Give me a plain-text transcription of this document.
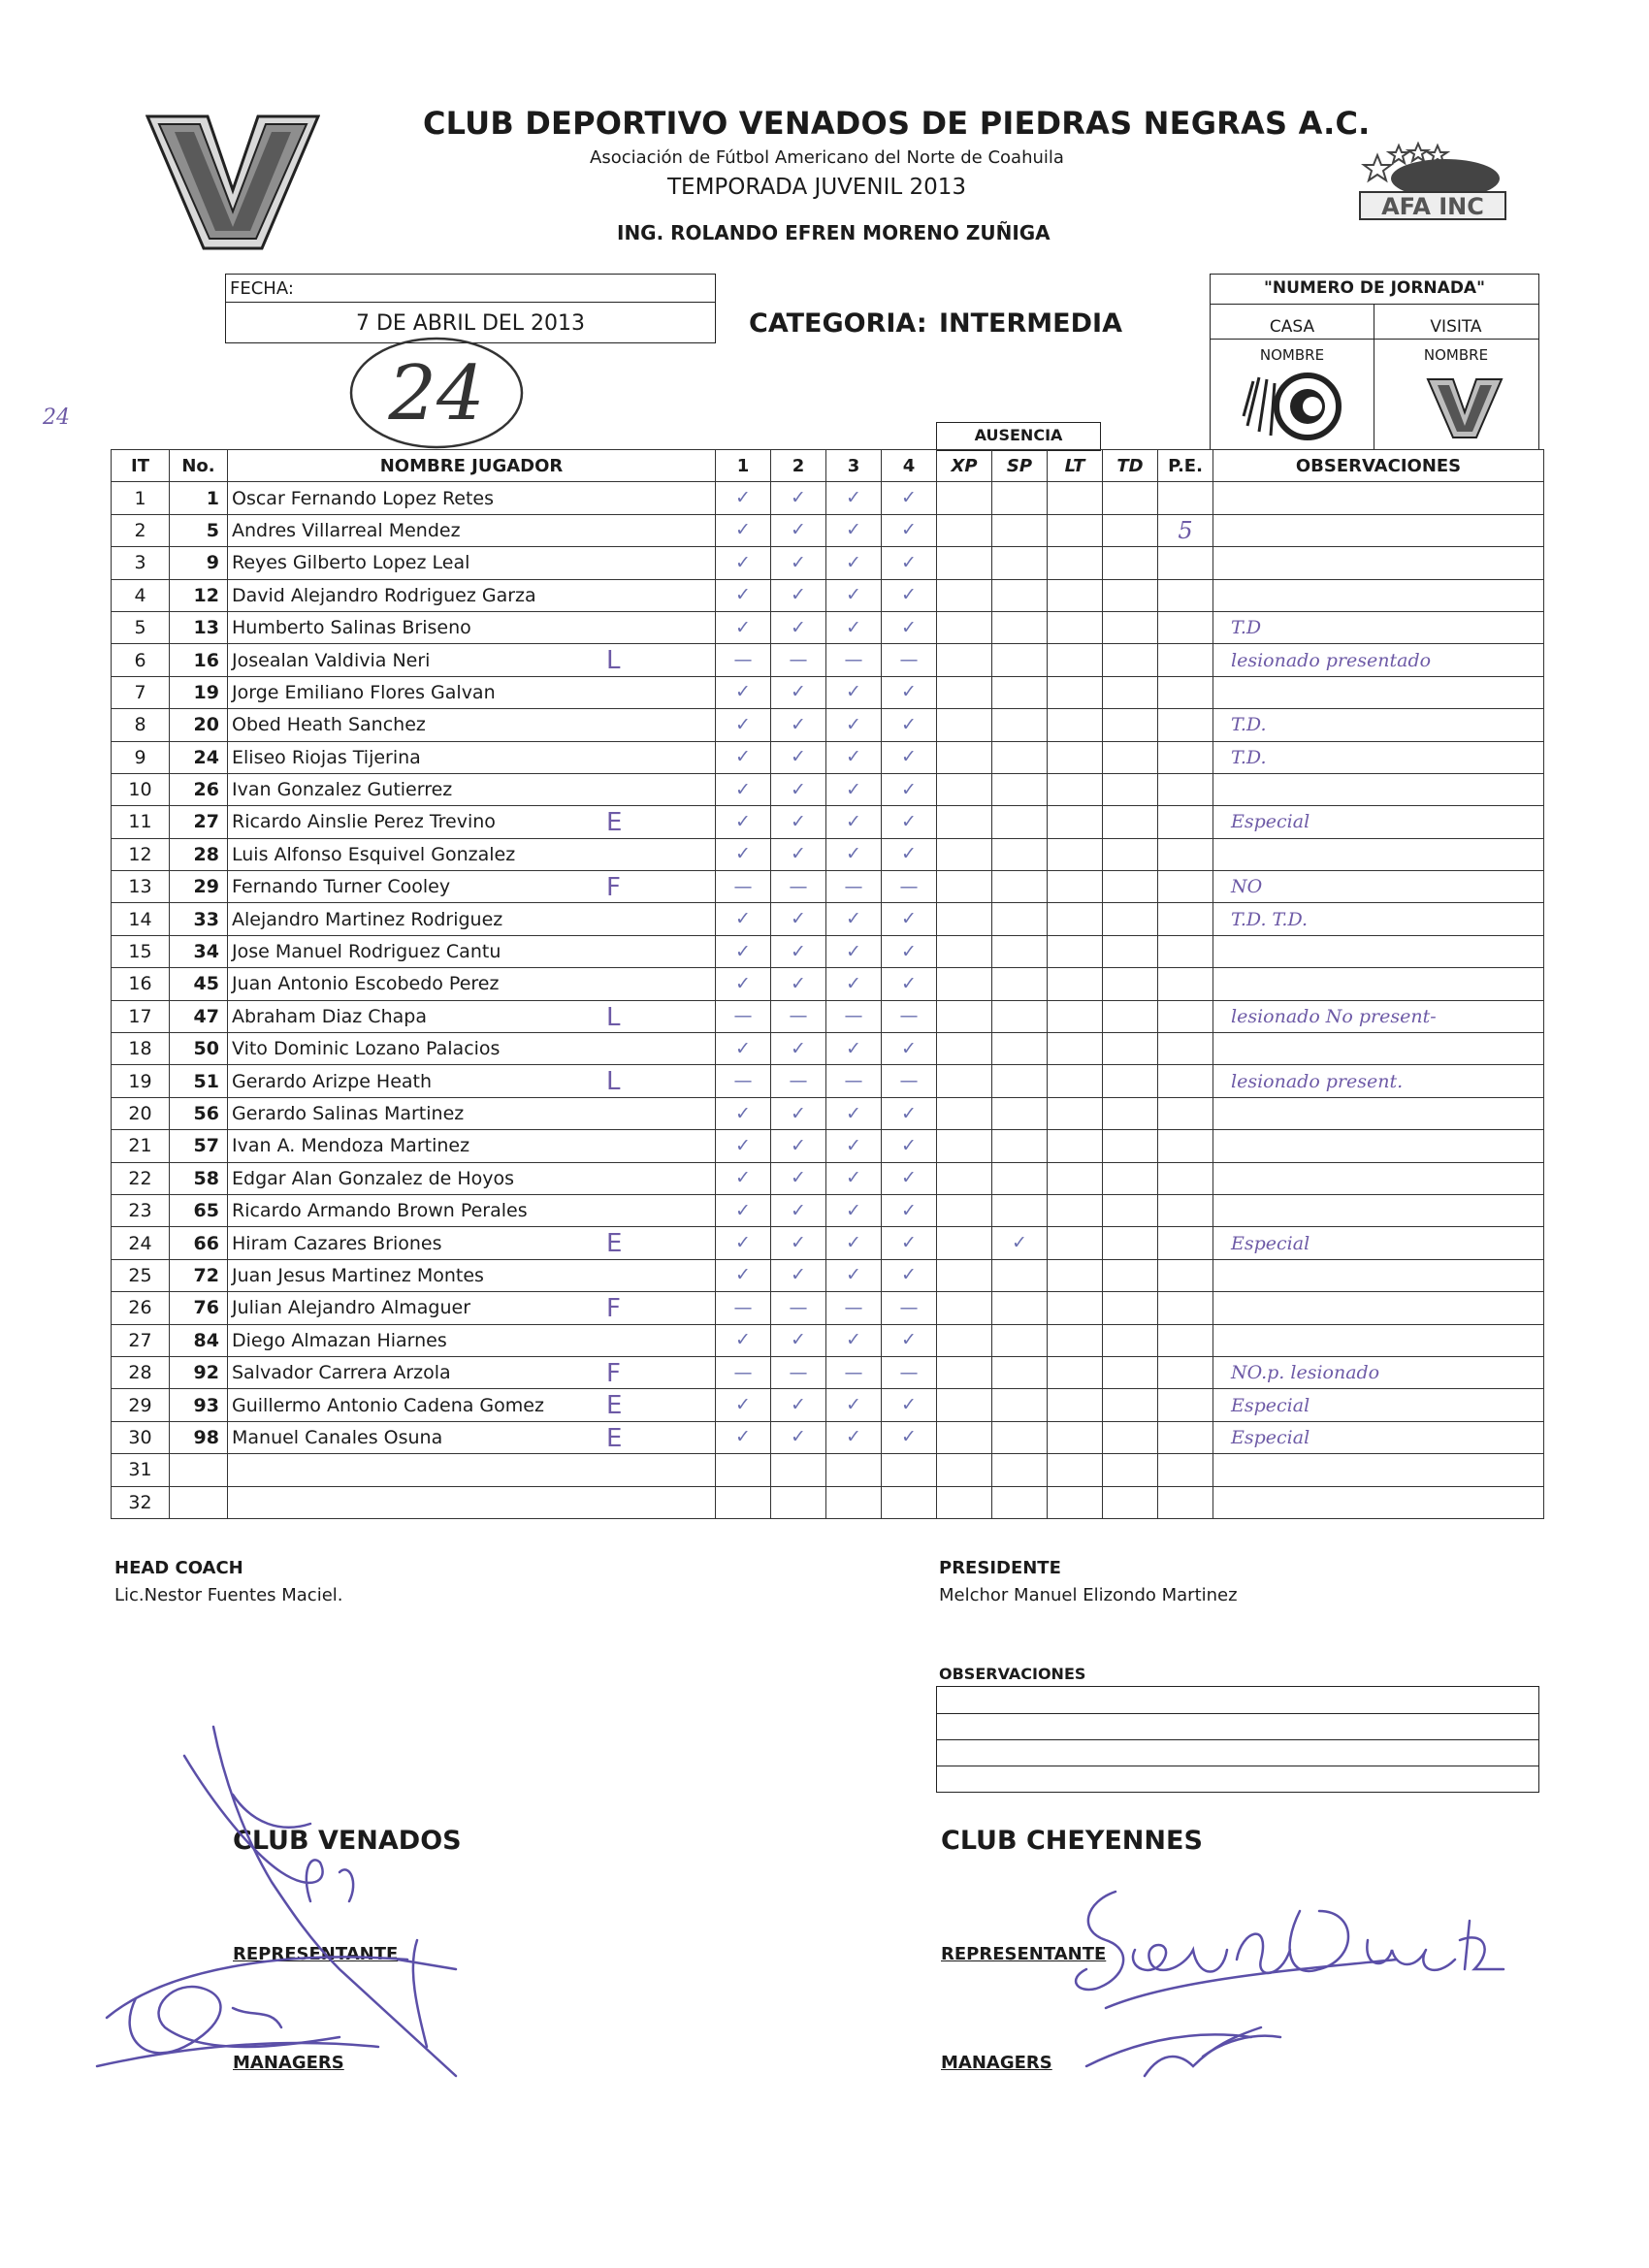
V
CLUB DEPORTIVO VENADOS DE PIEDRAS NEGRAS A.C.
Asociación de Fútbol Americano del Norte de Coahuila
TEMPORADA JUVENIL 2013
ING. ROLANDO EFREN MORENO ZUÑIGA
AFA INC
FECHA:
7 DE ABRIL DEL 2013	CATEGORIA: INTERMEDIA
24
24
"NUMERO DE JORNADA"
CASA	VISITA
NOMBRE	NOMBRE
V
AUSENCIA
IT	No.	NOMBRE JUGADOR	1	2	3	4	XP	SP	LT	TD	P.E.	OBSERVACIONES
1	1	Oscar Fernando Lopez Retes	✓	✓	✓	✓						
2	5	Andres Villarreal Mendez	✓	✓	✓	✓					5	
3	9	Reyes Gilberto Lopez Leal	✓	✓	✓	✓						
4	12	David Alejandro Rodriguez Garza	✓	✓	✓	✓						
5	13	Humberto Salinas Briseno	✓	✓	✓	✓						T.D
6	16	Josealan Valdivia Neri L	—	—	—	—						lesionado presentado
7	19	Jorge Emiliano Flores Galvan	✓	✓	✓	✓						
8	20	Obed Heath Sanchez	✓	✓	✓	✓						T.D.
9	24	Eliseo Riojas Tijerina	✓	✓	✓	✓						T.D.
10	26	Ivan Gonzalez Gutierrez	✓	✓	✓	✓						
11	27	Ricardo Ainslie Perez Trevino E	✓	✓	✓	✓						Especial
12	28	Luis Alfonso Esquivel Gonzalez	✓	✓	✓	✓						
13	29	Fernando Turner Cooley F	—	—	—	—						NO
14	33	Alejandro Martinez Rodriguez	✓	✓	✓	✓						T.D. T.D.
15	34	Jose Manuel Rodriguez Cantu	✓	✓	✓	✓						
16	45	Juan Antonio Escobedo Perez	✓	✓	✓	✓						
17	47	Abraham Diaz Chapa L	—	—	—	—						lesionado No present-
18	50	Vito Dominic Lozano Palacios	✓	✓	✓	✓						
19	51	Gerardo Arizpe Heath L	—	—	—	—						lesionado present.
20	56	Gerardo Salinas Martinez	✓	✓	✓	✓						
21	57	Ivan A. Mendoza Martinez	✓	✓	✓	✓						
22	58	Edgar Alan Gonzalez de Hoyos	✓	✓	✓	✓						
23	65	Ricardo Armando Brown Perales	✓	✓	✓	✓						
24	66	Hiram Cazares Briones E	✓	✓	✓	✓		✓				Especial
25	72	Juan Jesus Martinez Montes	✓	✓	✓	✓						
26	76	Julian Alejandro Almaguer F	—	—	—	—						
27	84	Diego Almazan Hiarnes	✓	✓	✓	✓						
28	92	Salvador Carrera Arzola F	—	—	—	—						NO.p. lesionado
29	93	Guillermo Antonio Cadena Gomez E	✓	✓	✓	✓						Especial
30	98	Manuel Canales Osuna E	✓	✓	✓	✓						Especial
31												
32												
HEAD COACH
Lic.Nestor Fuentes Maciel.
PRESIDENTE
Melchor Manuel Elizondo Martinez
OBSERVACIONES
CLUB VENADOS	CLUB CHEYENNES
REPRESENTANTE
MANAGERS
REPRESENTANTE
MANAGERS
